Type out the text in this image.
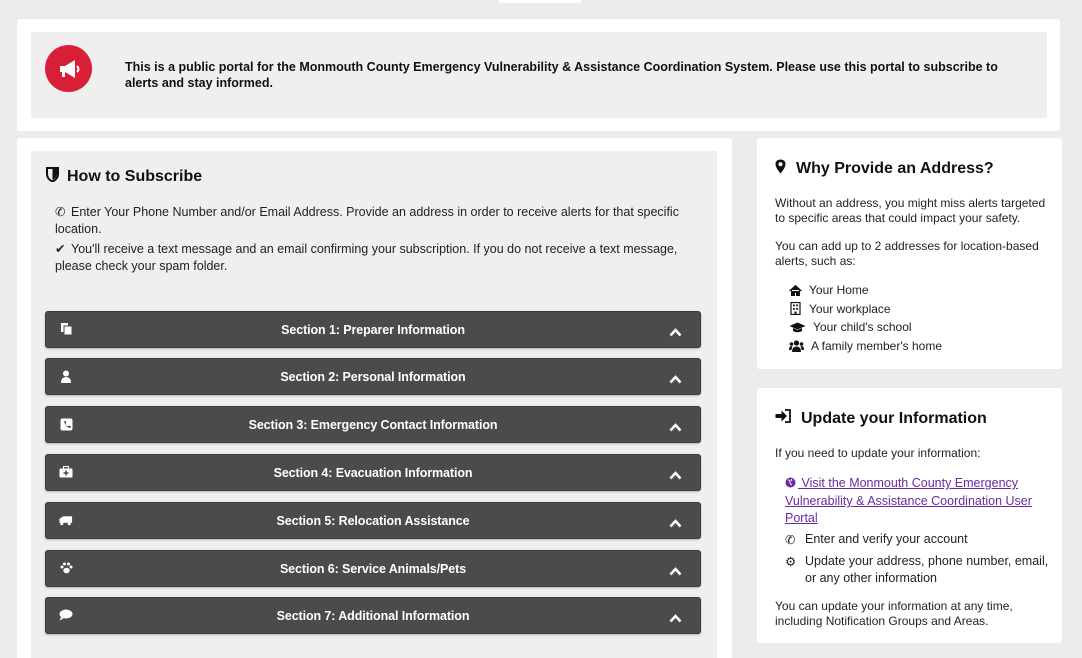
This is a public portal for the Monmouth County Emergency Vulnerability & Assistance Coordination System. Please use this portal to subscribe to alerts and stay informed.
How to Subscribe

✆ Enter Your Phone Number and/or Email Address. Provide an address in order to receive alerts for that specific location.

✔ You'll receive a text message and an email confirming your subscription. If you do not receive a text message, please check your spam folder.

Section 1: Preparer Information
Section 2: Personal Information
Section 3: Emergency Contact Information
Section 4: Evacuation Information
Section 5: Relocation Assistance
Section 6: Service Animals/Pets
Section 7: Additional Information
Why Provide an Address?
Without an address, you might miss alerts targeted to specific areas that could impact your safety.
You can add up to 2 addresses for location-based alerts, such as:
Your Home
Your workplace
Your child's school
A family member's home
Update your Information
If you need to update your information:
Visit the Monmouth County Emergency Vulnerability & Assistance Coordination User Portal
✆ Enter and verify your account
⚙ Update your address, phone number, email, or any other information
You can update your information at any time, including Notification Groups and Areas.
